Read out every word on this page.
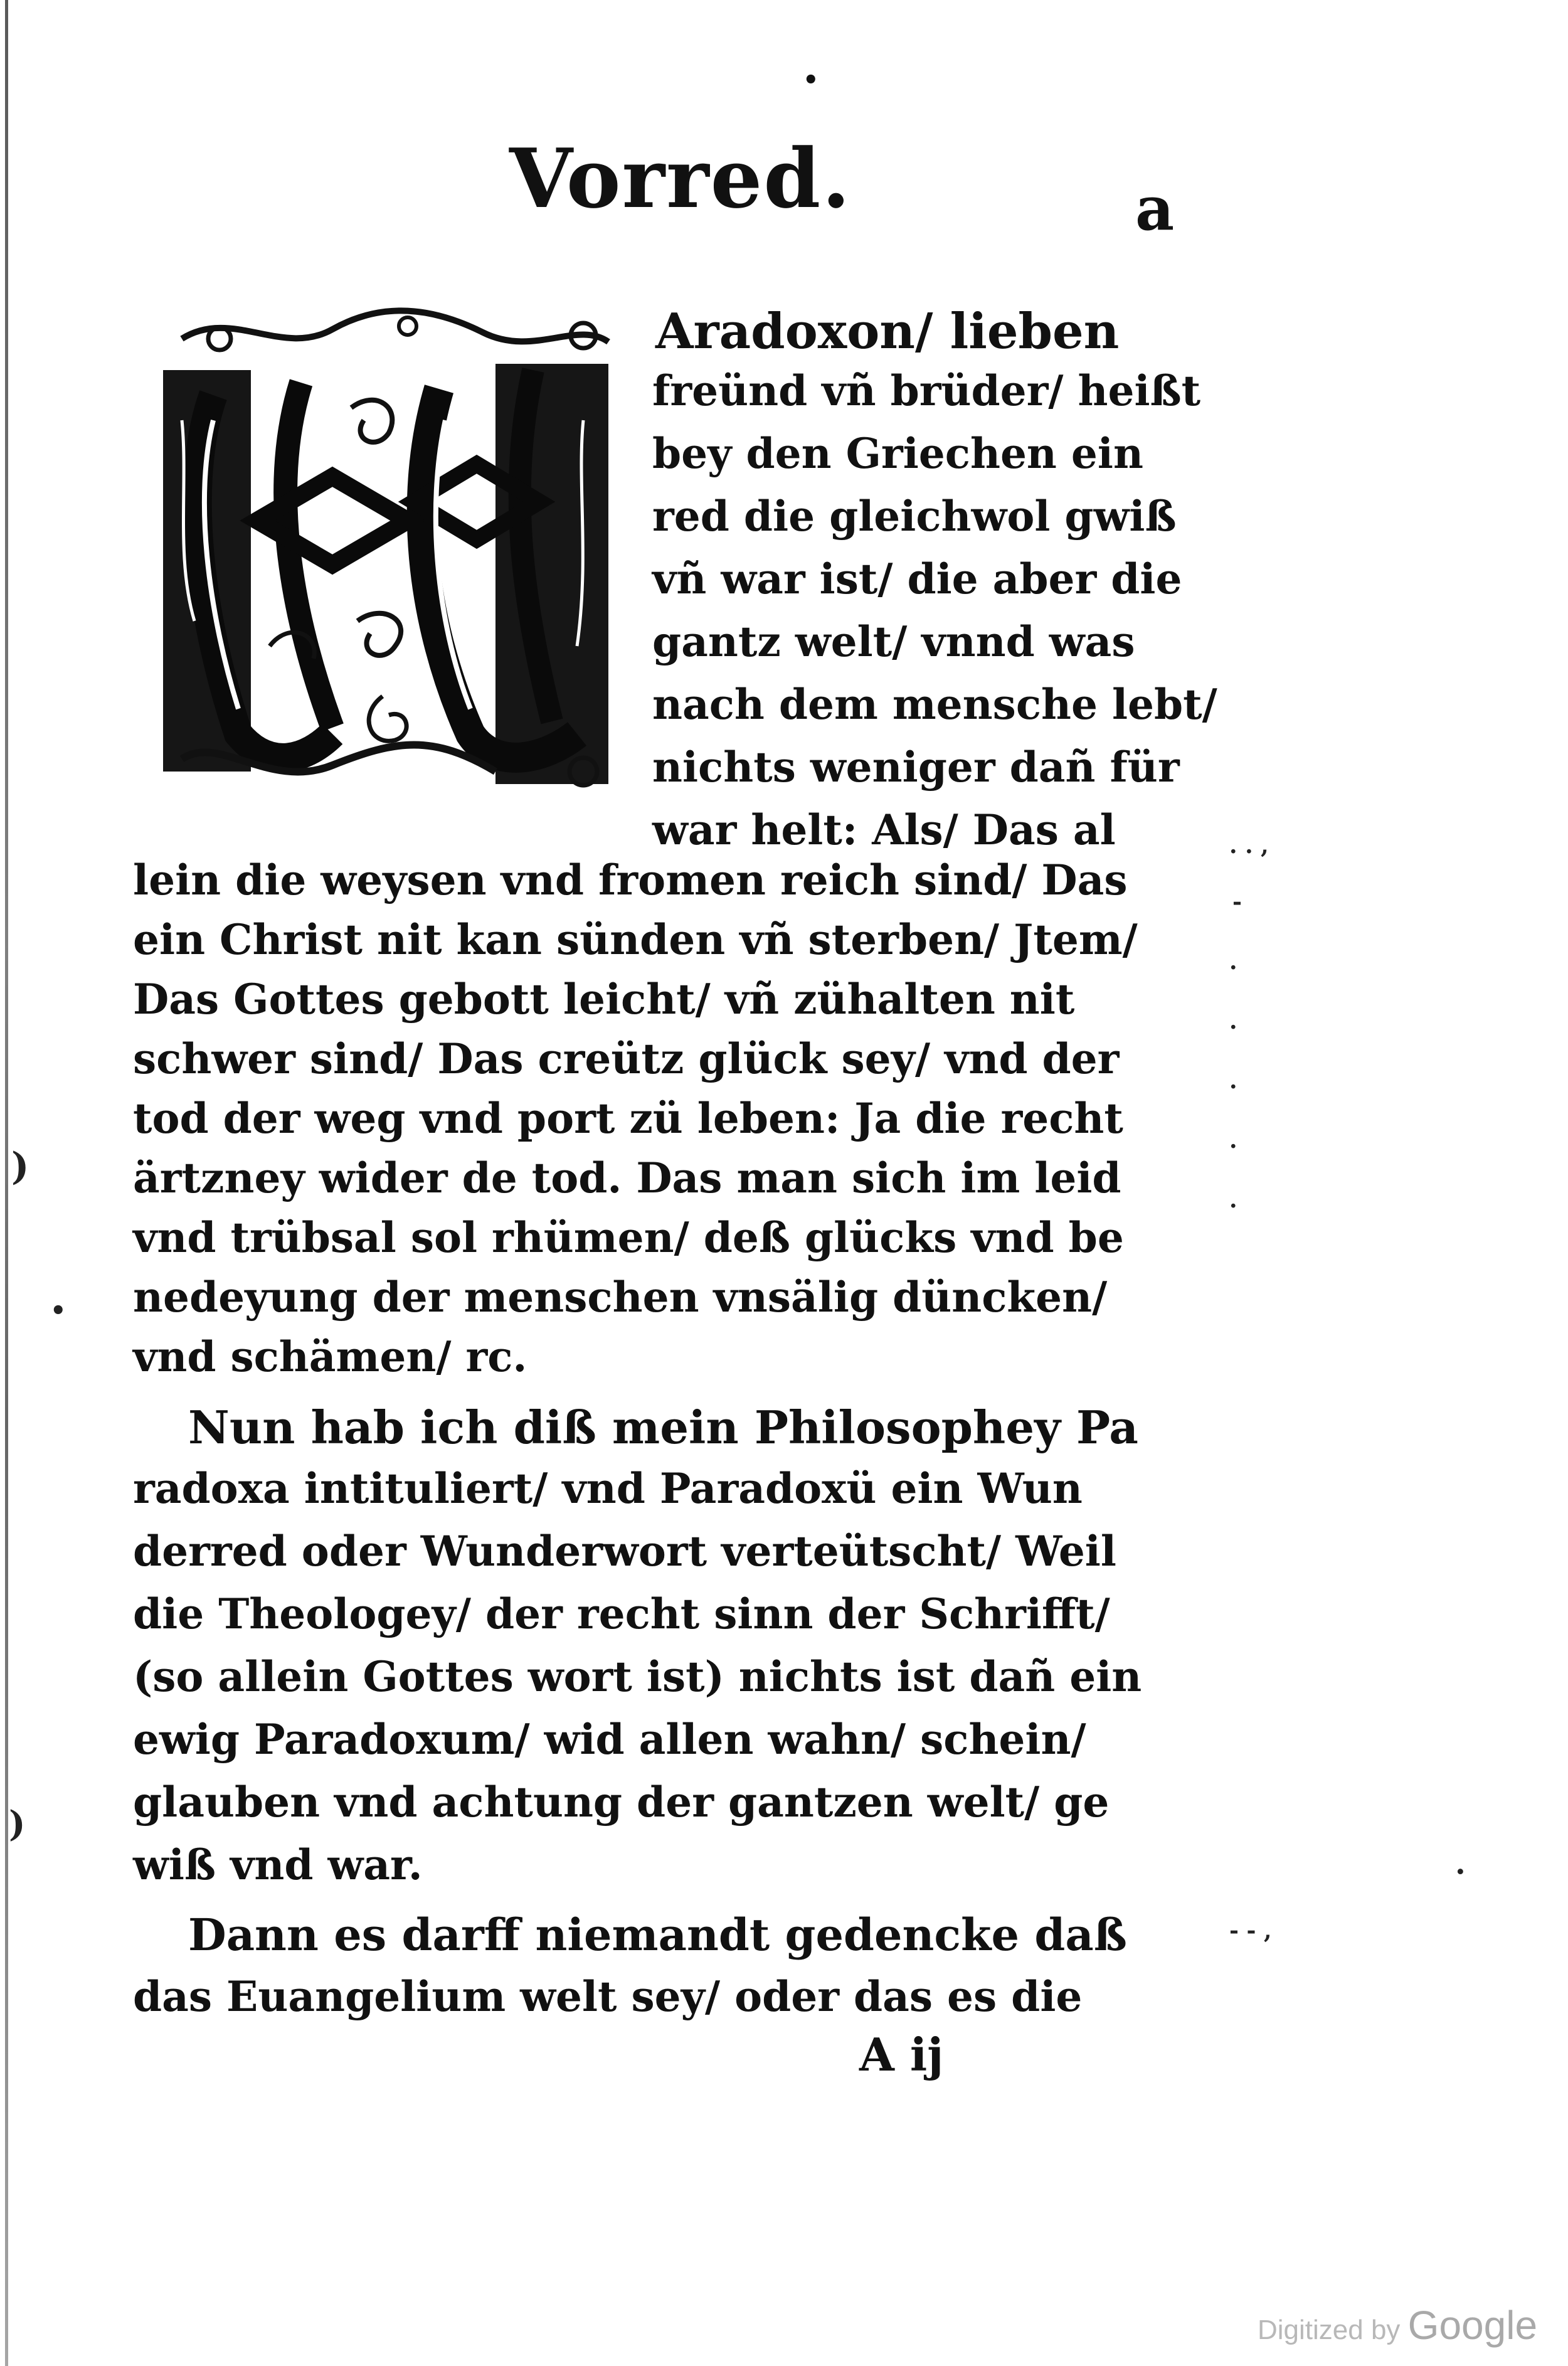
•
Vorred.	a
Aradoxon/ lieben
freünd vñ brüder/ heißt
bey den Griechen ein
red die gleichwol gwiß
vñ war ist/ die aber die
gantz welt/ vnnd was
nach dem mensche lebt/
nichts weniger dañ für
war helt: Als/ Das al
lein die weysen vnd fromen reich sind/ Das
ein Christ nit kan sünden vñ sterben/ Jtem/
Das Gottes gebott leicht/ vñ zühalten nit
schwer sind/ Das creütz glück sey/ vnd der
tod der weg vnd port zü leben: Ja die recht
ärtzney wider de tod. Das man sich im leid
vnd trübsal sol rhümen/ deß glücks vnd be
nedeyung der menschen vnsälig düncken/
vnd schämen/ rc.
Nun hab ich diß mein Philosophey Pa
radoxa intituliert/ vnd Paradoxü ein Wun
derred oder Wunderwort verteütscht/ Weil
die Theologey/ der recht sinn der Schrifft/
(so allein Gottes wort ist) nichts ist dañ ein
ewig Paradoxum/ wid allen wahn/ schein/
glauben vnd achtung der gantzen welt/ ge
wiß vnd war.
Dann es darff niemandt gedencke daß
das Euangelium welt sey/ oder das es die
A ij
. . ,
-
.
.
.
.
.
- - ,
·
)
)
•
Digitized by Google
